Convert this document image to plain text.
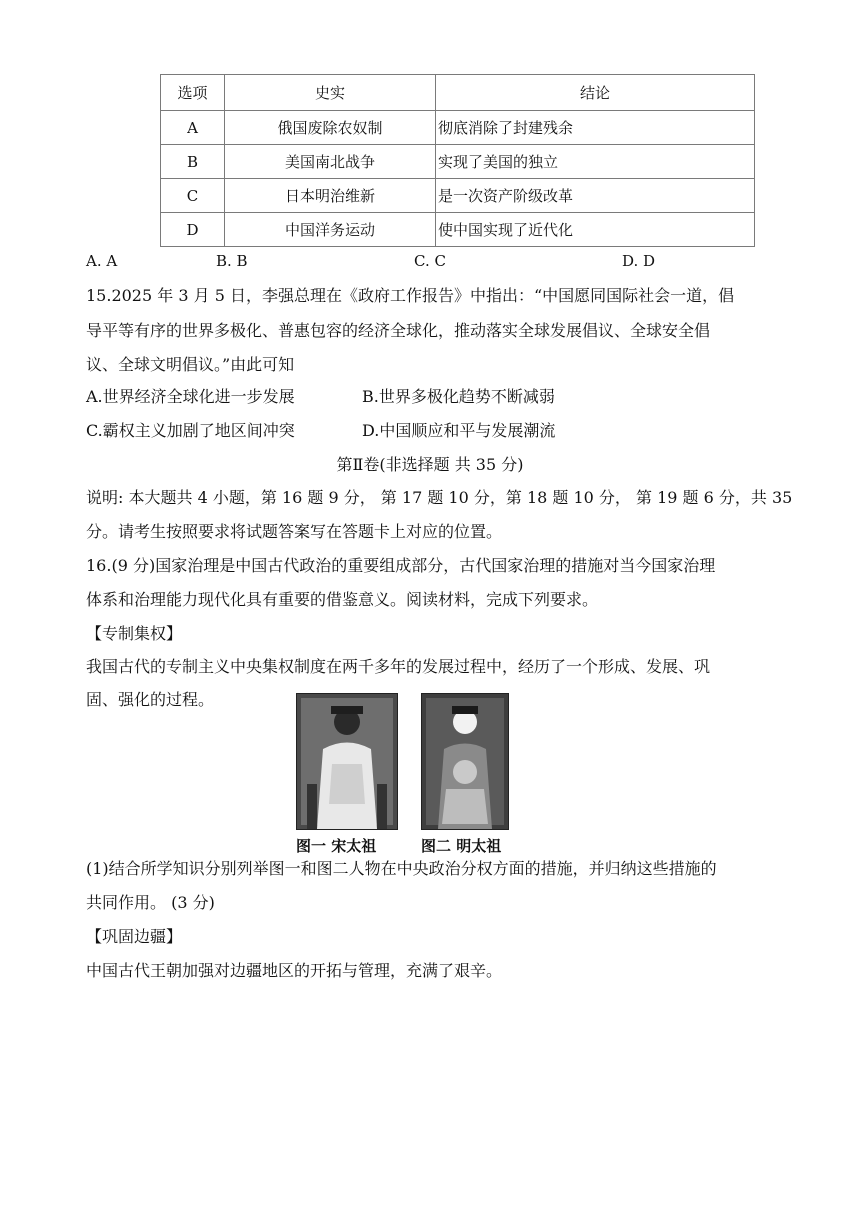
选项	史实	结论
A	俄国废除农奴制	彻底消除了封建残余
B	美国南北战争	实现了美国的独立
C	日本明治维新	是一次资产阶级改革
D	中国洋务运动	使中国实现了近代化
A. A	B. B	C. C	D. D
15.2025 年 3 月 5 日，李强总理在《政府工作报告》中指出：“中国愿同国际社会一道，倡
导平等有序的世界多极化、普惠包容的经济全球化，推动落实全球发展倡议、全球安全倡
议、全球文明倡议。”由此可知
A.世界经济全球化进一步发展	B.世界多极化趋势不断减弱
C.霸权主义加剧了地区间冲突	D.中国顺应和平与发展潮流
第Ⅱ卷(非选择题 共 35 分)
说明: 本大题共 4 小题，第 16 题 9 分， 第 17 题 10 分，第 18 题 10 分， 第 19 题 6 分，共 35
分。请考生按照要求将试题答案写在答题卡上对应的位置。
16.(9 分)国家治理是中国古代政治的重要组成部分，古代国家治理的措施对当今国家治理
体系和治理能力现代化具有重要的借鉴意义。阅读材料，完成下列要求。
【专制集权】
我国古代的专制主义中央集权制度在两千多年的发展过程中，经历了一个形成、发展、巩
固、强化的过程。
图一 宋太祖	图二 明太祖
(1)结合所学知识分别列举图一和图二人物在中央政治分权方面的措施，并归纳这些措施的
共同作用。 (3 分)
【巩固边疆】
中国古代王朝加强对边疆地区的开拓与管理，充满了艰辛。
